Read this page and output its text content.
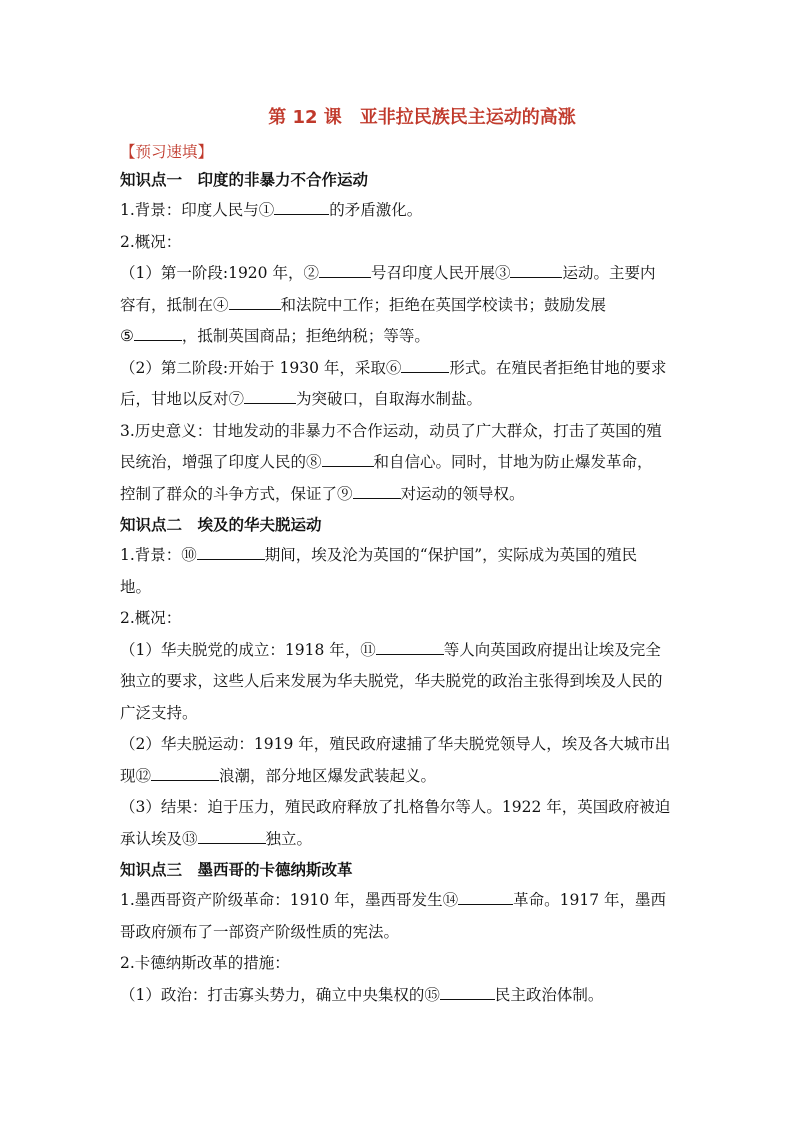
第 12 课　亚非拉民族民主运动的高涨
【预习速填】
知识点一　印度的非暴力不合作运动

1.背景：印度人民与①	的矛盾激化。

2.概况：

（1）第一阶段:1920 年，②	号召印度人民开展③	运动。主要内

容有，抵制在④	和法院中工作；拒绝在英国学校读书；鼓励发展

⑤	，抵制英国商品；拒绝纳税；等等。

（2）第二阶段:开始于 1930 年，采取⑥	形式。在殖民者拒绝甘地的要求

后，甘地以反对⑦	为突破口，自取海水制盐。

3.历史意义：甘地发动的非暴力不合作运动，动员了广大群众，打击了英国的殖

民统治，增强了印度人民的⑧	和自信心。同时，甘地为防止爆发革命，

控制了群众的斗争方式，保证了⑨	对运动的领导权。

知识点二　埃及的华夫脱运动

1.背景：⑩	期间，埃及沦为英国的“保护国”，实际成为英国的殖民

地。

2.概况：

（1）华夫脱党的成立：1918 年，⑪	等人向英国政府提出让埃及完全

独立的要求，这些人后来发展为华夫脱党，华夫脱党的政治主张得到埃及人民的

广泛支持。

（2）华夫脱运动：1919 年，殖民政府逮捕了华夫脱党领导人，埃及各大城市出

现⑫	浪潮，部分地区爆发武装起义。

（3）结果：迫于压力，殖民政府释放了扎格鲁尔等人。1922 年，英国政府被迫

承认埃及⑬	独立。

知识点三　墨西哥的卡德纳斯改革

1.墨西哥资产阶级革命：1910 年，墨西哥发生⑭	革命。1917 年，墨西

哥政府颁布了一部资产阶级性质的宪法。

2.卡德纳斯改革的措施：

（1）政治：打击寡头势力，确立中央集权的⑮	民主政治体制。
